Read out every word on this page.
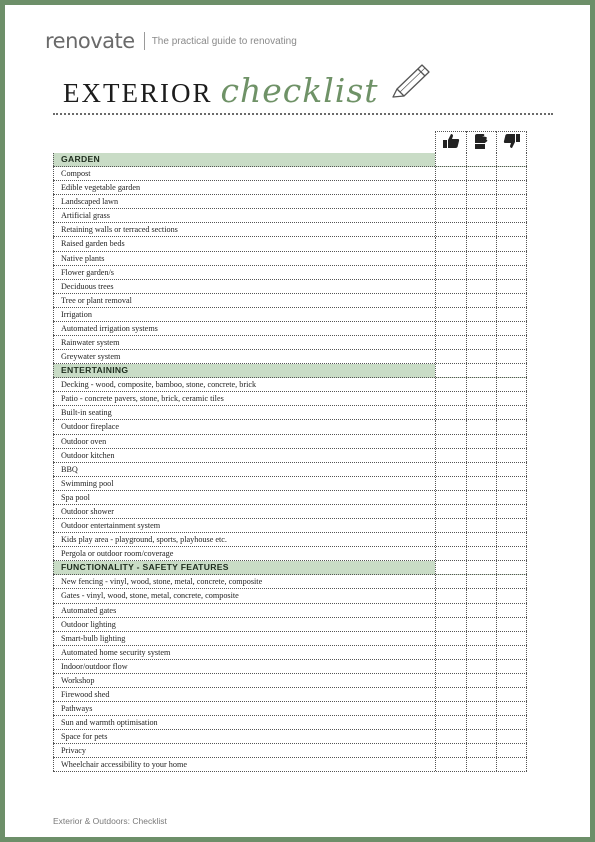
renovate The practical guide to renovating
EXTERIOR checklist
GARDEN
Compost
Edible vegetable garden
Landscaped lawn
Artificial grass
Retaining walls or terraced sections
Raised garden beds
Native plants
Flower garden/s
Deciduous trees
Tree or plant removal
Irrigation
Automated irrigation systems
Rainwater system
Greywater system
ENTERTAINING
Decking - wood, composite, bamboo, stone, concrete, brick
Patio - concrete pavers, stone, brick, ceramic tiles
Built-in seating
Outdoor fireplace
Outdoor oven
Outdoor kitchen
BBQ
Swimming pool
Spa pool
Outdoor shower
Outdoor entertainment system
Kids play area - playground, sports, playhouse etc.
Pergola or outdoor room/coverage
FUNCTIONALITY - SAFETY FEATURES
New fencing - vinyl, wood, stone, metal, concrete, composite
Gates - vinyl, wood, stone, metal, concrete, composite
Automated gates
Outdoor lighting
Smart-bulb lighting
Automated home security system
Indoor/outdoor flow
Workshop
Firewood shed
Pathways
Sun and warmth optimisation
Space for pets
Privacy
Wheelchair accessibility to your home
Exterior & Outdoors: Checklist
